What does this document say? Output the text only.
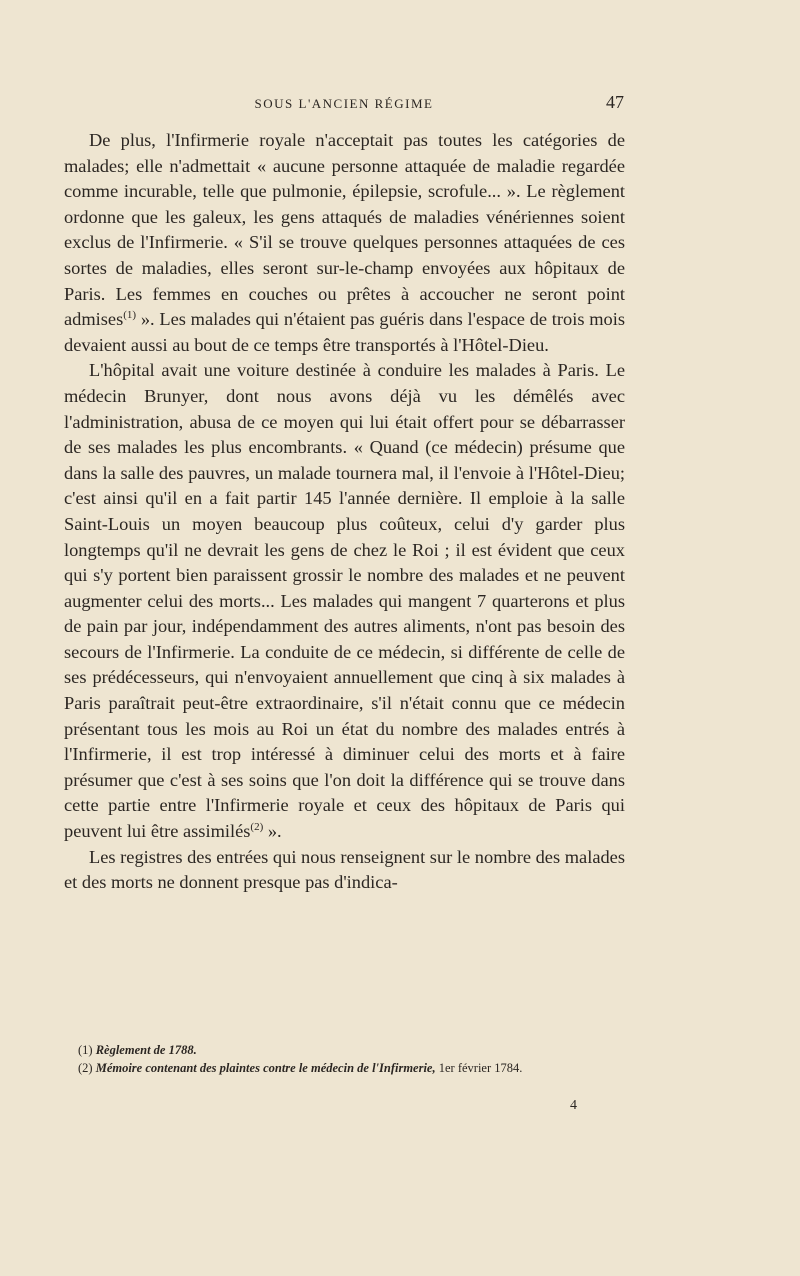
SOUS L'ANCIEN RÉGIME	47

De plus, l'Infirmerie royale n'acceptait pas toutes les catégories de malades; elle n'admettait « aucune personne attaquée de maladie regardée comme incurable, telle que pulmonie, épilepsie, scrofule... ». Le règlement ordonne que les galeux, les gens attaqués de maladies vénériennes soient exclus de l'Infirmerie. « S'il se trouve quelques personnes attaquées de ces sortes de maladies, elles seront sur-le-champ envoyées aux hôpitaux de Paris. Les femmes en couches ou prêtes à accoucher ne seront point admises$^{(1)}$ ». Les malades qui n'étaient pas guéris dans l'espace de trois mois devaient aussi au bout de ce temps être transportés à l'Hôtel-Dieu.

L'hôpital avait une voiture destinée à conduire les malades à Paris. Le médecin Brunyer, dont nous avons déjà vu les démêlés avec l'administration, abusa de ce moyen qui lui était offert pour se débarrasser de ses malades les plus encombrants. « Quand (ce médecin) présume que dans la salle des pauvres, un malade tournera mal, il l'envoie à l'Hôtel-Dieu; c'est ainsi qu'il en a fait partir 145 l'année dernière. Il emploie à la salle Saint-Louis un moyen beaucoup plus coûteux, celui d'y garder plus longtemps qu'il ne devrait les gens de chez le Roi ; il est évident que ceux qui s'y portent bien paraissent grossir le nombre des malades et ne peuvent augmenter celui des morts... Les malades qui mangent 7 quarterons et plus de pain par jour, indépendamment des autres aliments, n'ont pas besoin des secours de l'Infirmerie. La conduite de ce médecin, si différente de celle de ses prédécesseurs, qui n'envoyaient annuellement que cinq à six malades à Paris paraîtrait peut-être extraordinaire, s'il n'était connu que ce médecin présentant tous les mois au Roi un état du nombre des malades entrés à l'Infirmerie, il est trop intéressé à diminuer celui des morts et à faire présumer que c'est à ses soins que l'on doit la différence qui se trouve dans cette partie entre l'Infirmerie royale et ceux des hôpitaux de Paris qui peuvent lui être assimilés$^{(2)}$ ».

Les registres des entrées qui nous renseignent sur le nombre des malades et des morts ne donnent presque pas d'indica-

(1) Règlement de 1788.
(2) Mémoire contenant des plaintes contre le médecin de l'Infirmerie, 1er février 1784.
4
